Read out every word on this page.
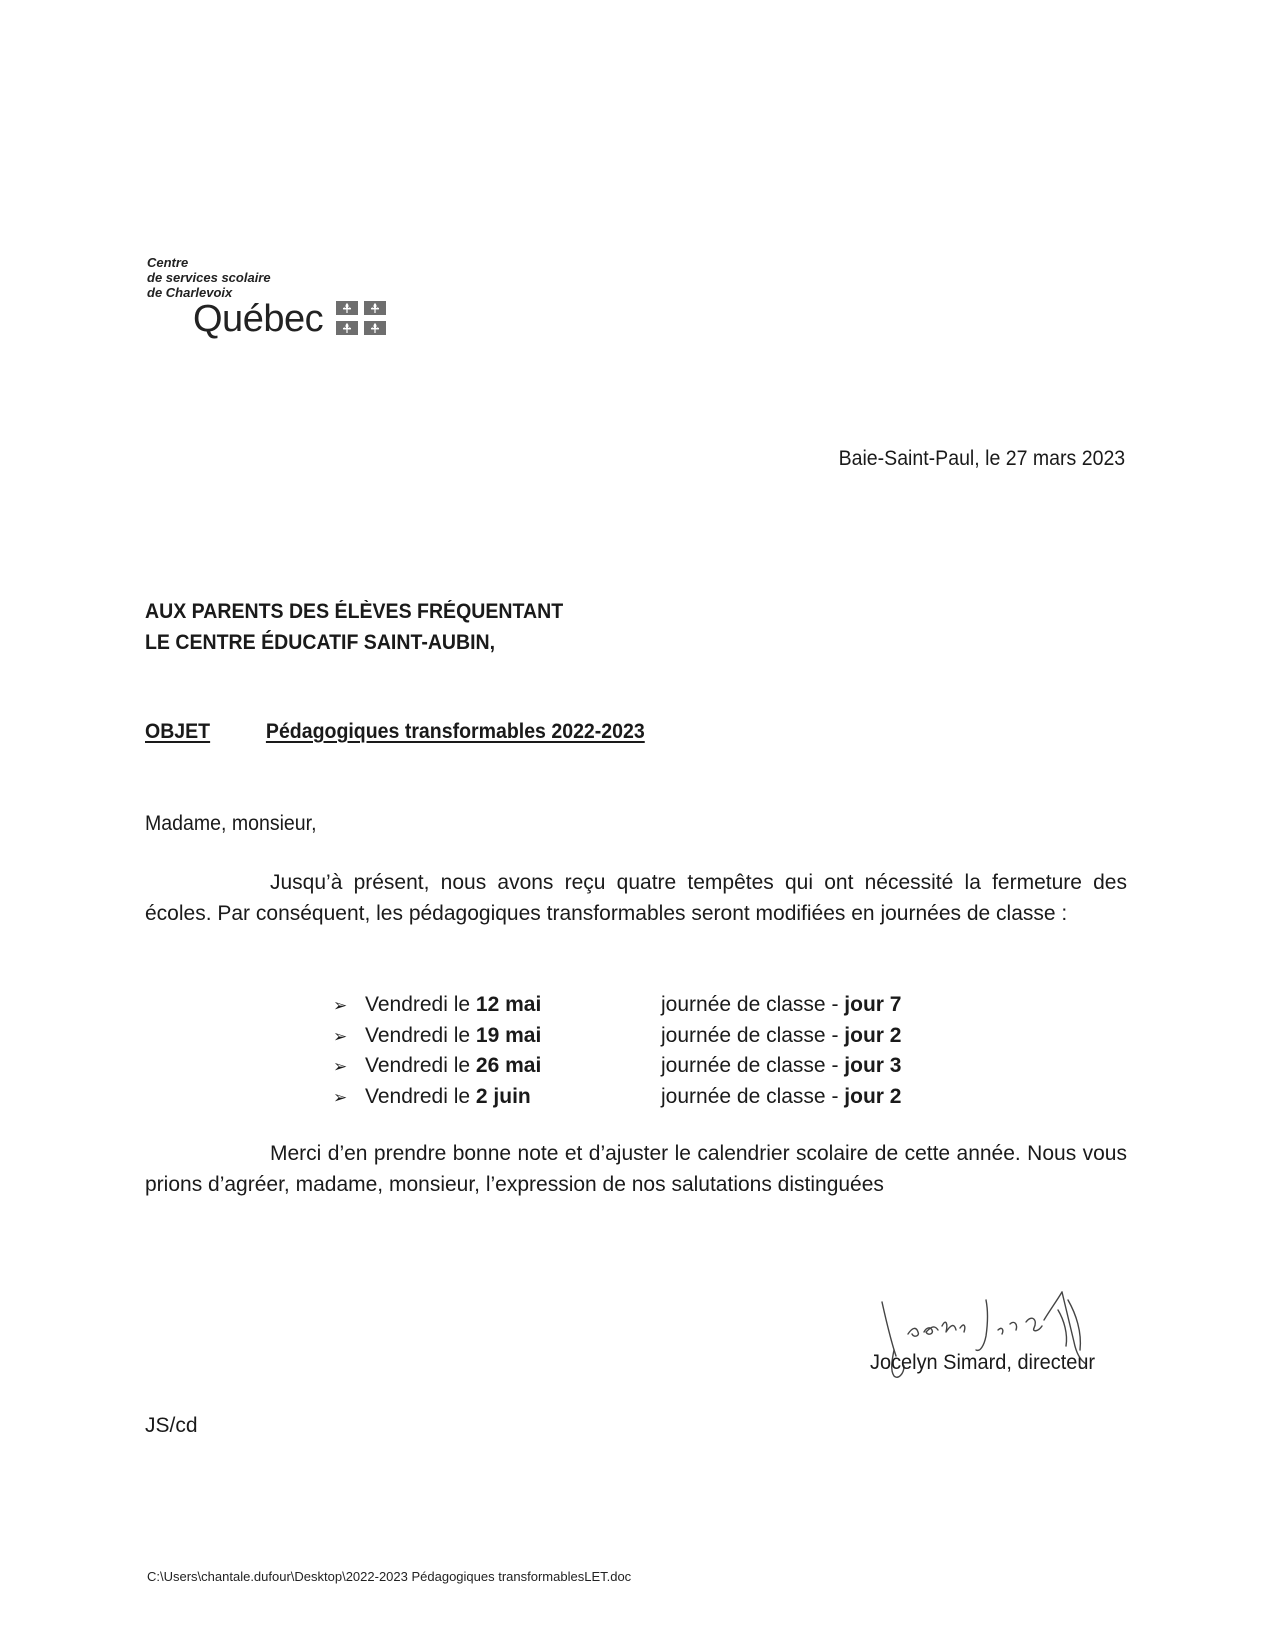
Centre
de services scolaire
de Charlevoix
Québec
Baie-Saint-Paul, le 27 mars 2023
AUX PARENTS DES ÉLÈVES FRÉQUENTANT
LE CENTRE ÉDUCATIF SAINT-AUBIN,
OBJET	Pédagogiques transformables 2022-2023
Madame, monsieur,
Jusqu’à présent, nous avons reçu quatre tempêtes qui ont nécessité la fermeture des écoles. Par conséquent, les pédagogiques transformables seront modifiées en journées de classe :
➢ Vendredi le 12 mai	journée de classe - jour 7
➢ Vendredi le 19 mai	journée de classe - jour 2
➢ Vendredi le 26 mai	journée de classe - jour 3
➢ Vendredi le 2 juin	journée de classe - jour 2
Merci d’en prendre bonne note et d’ajuster le calendrier scolaire de cette année. Nous vous prions d’agréer, madame, monsieur, l’expression de nos salutations distinguées
Jocelyn Simard, directeur
JS/cd
C:\Users\chantale.dufour\Desktop\2022-2023 Pédagogiques transformablesLET.doc
